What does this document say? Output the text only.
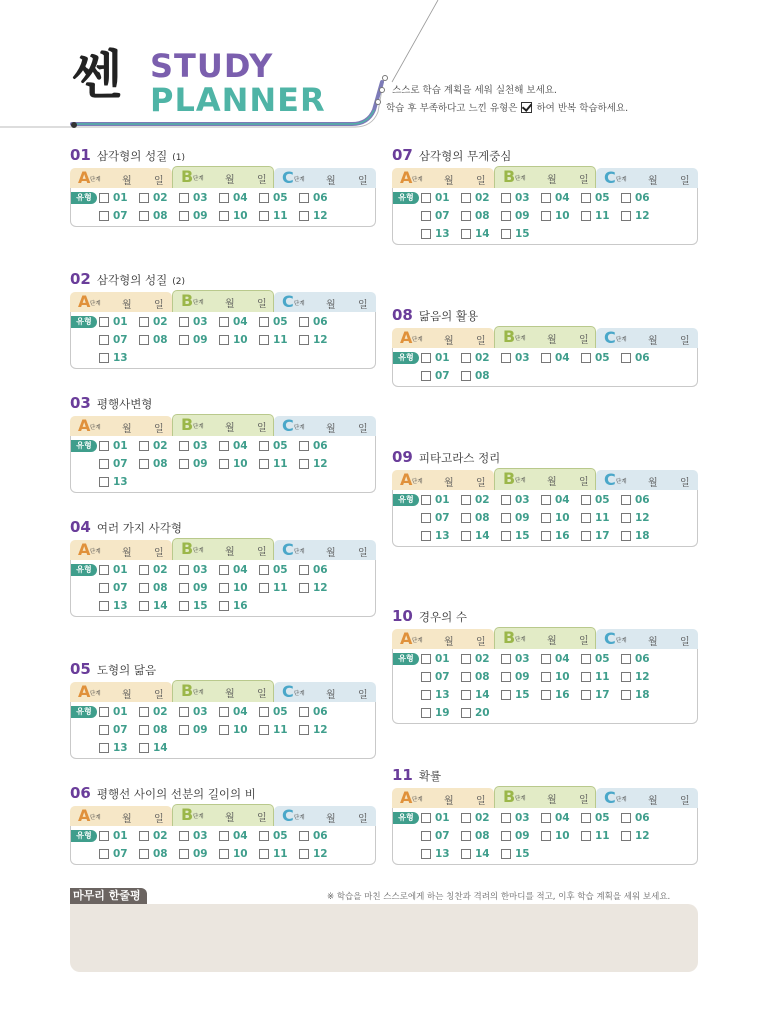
쎈 STUDY
PLANNER	스스로 학습 계획을 세워 실천해 보세요.
학습 후 부족하다고 느낀 유형은 하여 반복 학습하세요.
01 삼각형의 성질 (1)
A 단계 월 일 B 단계 월 일 C 단계 월 일
유형	01 02 03 04 05 06
07 08 09 10 11 12
02 삼각형의 성질 (2)
A 단계 월 일 B 단계 월 일 C 단계 월 일
유형	01 02 03 04 05 06
07 08 09 10 11 12
13
03 평행사변형
A 단계 월 일 B 단계 월 일 C 단계 월 일
유형	01 02 03 04 05 06
07 08 09 10 11 12
13
04 여러 가지 사각형
A 단계 월 일 B 단계 월 일 C 단계 월 일
유형	01 02 03 04 05 06
07 08 09 10 11 12
13 14 15 16
05 도형의 닮음
A 단계 월 일 B 단계 월 일 C 단계 월 일
유형	01 02 03 04 05 06
07 08 09 10 11 12
13 14
06 평행선 사이의 선분의 길이의 비
A 단계 월 일 B 단계 월 일 C 단계 월 일
유형	01 02 03 04 05 06
07 08 09 10 11 12
07 삼각형의 무게중심
A 단계 월 일 B 단계 월 일 C 단계 월 일
유형	01 02 03 04 05 06
07 08 09 10 11 12
13 14 15
08 닮음의 활용
A 단계 월 일 B 단계 월 일 C 단계 월 일
유형	01 02 03 04 05 06
07 08
09 피타고라스 정리
A 단계 월 일 B 단계 월 일 C 단계 월 일
유형	01 02 03 04 05 06
07 08 09 10 11 12
13 14 15 16 17 18
10 경우의 수
A 단계 월 일 B 단계 월 일 C 단계 월 일
유형	01 02 03 04 05 06
07 08 09 10 11 12
13 14 15 16 17 18
19 20
11 확률
A 단계 월 일 B 단계 월 일 C 단계 월 일
유형	01 02 03 04 05 06
07 08 09 10 11 12
13 14 15
마무리 한줄평	※ 학습을 마친 스스로에게 하는 칭찬과 격려의 한마디를 적고, 이후 학습 계획을 세워 보세요.
